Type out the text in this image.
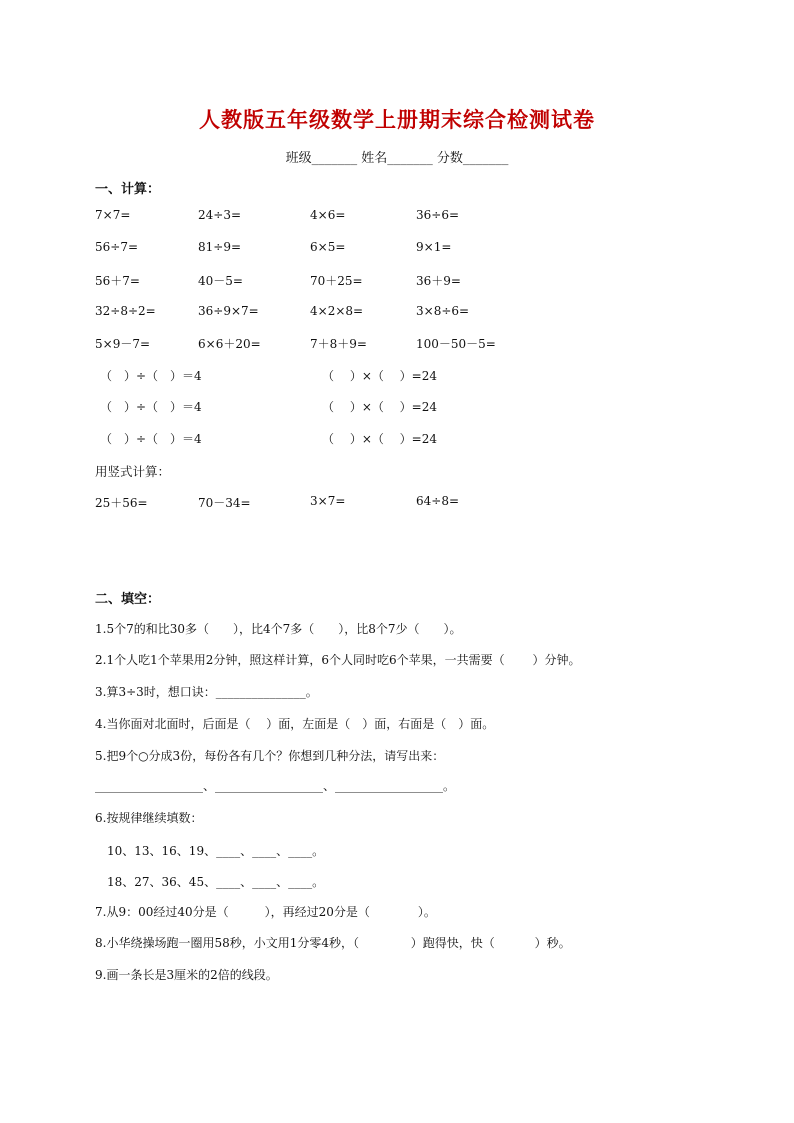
人教版五年级数学上册期末综合检测试卷
班级_______ 姓名_______ 分数_______
一、计算：
7×7=	24÷3=	4×6=	36÷6=
56÷7=	81÷9=	6×5=	9×1=
56＋7=	40－5=	70＋25=	36＋9=
32÷8÷2=	36÷9×7=	4×2×8=	3×8÷6=
5×9－7=	6×6＋20=	7＋8＋9=	100－50－5=
（　）÷（　）＝4	（　 ）×（　 ）=24
（　）÷（　）＝4	（　 ）×（　 ）=24
（　）÷（　）＝4	（　 ）×（　 ）=24
用竖式计算：
25＋56=	70－34=	3×7=	64÷8=
二、填空：
1.5个7的和比30多（　　），比4个7多（　　），比8个7少（　　）。
2.1个人吃1个苹果用2分钟，照这样计算，6个人同时吃6个苹果，一共需要（　　 ）分钟。
3.算3÷3时，想口诀：_______________。
4.当你面对北面时，后面是（　 ）面，左面是（　）面，右面是（　）面。
5.把9个○分成3份，每份各有几个？你想到几种分法，请写出来：
__________________、__________________、__________________。
6.按规律继续填数：
10、13、16、19、____、____、____。
18、27、36、45、____、____、____。
7.从9：00经过40分是（　　　），再经过20分是（　　　　）。
8.小华绕操场跑一圈用58秒，小文用1分零4秒，（　　　　 ）跑得快，快（　　　 ）秒。
9.画一条长是3厘米的2倍的线段。
